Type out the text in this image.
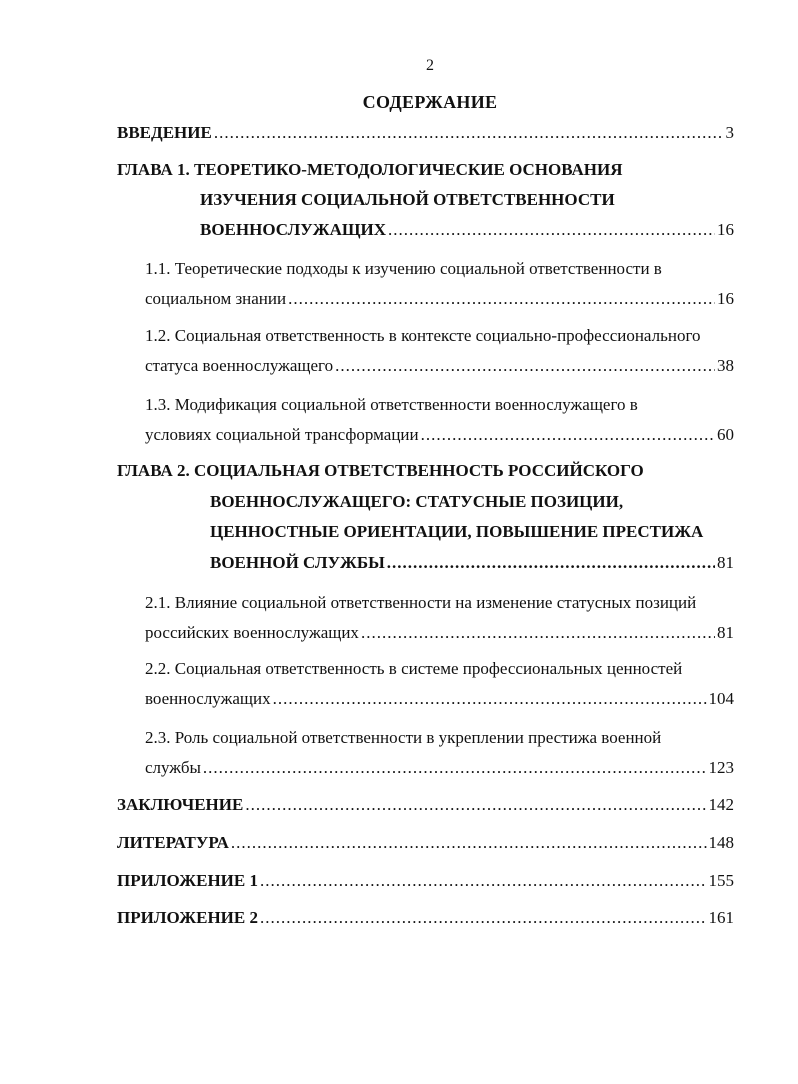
2
СОДЕРЖАНИЕ
ВВЕДЕНИЕ .....	3
ГЛАВА 1. ТЕОРЕТИКО-МЕТОДОЛОГИЧЕСКИЕ ОСНОВАНИЯ
ИЗУЧЕНИЯ СОЦИАЛЬНОЙ ОТВЕТСТВЕННОСТИ
ВОЕННОСЛУЖАЩИХ .....	16
1.1. Теоретические подходы к изучению социальной ответственности в
социальном знании .....	16
1.2. Социальная ответственность в контексте социально-профессионального
статуса военнослужащего .....	38
1.3. Модификация социальной ответственности военнослужащего в
условиях социальной трансформации .....	60
ГЛАВА 2. СОЦИАЛЬНАЯ ОТВЕТСТВЕННОСТЬ РОССИЙСКОГО
ВОЕННОСЛУЖАЩЕГО: СТАТУСНЫЕ ПОЗИЦИИ,
ЦЕННОСТНЫЕ ОРИЕНТАЦИИ, ПОВЫШЕНИЕ ПРЕСТИЖА
ВОЕННОЙ СЛУЖБЫ .....	81
2.1. Влияние социальной ответственности на изменение статусных позиций
российских военнослужащих .....	81
2.2. Социальная ответственность в системе профессиональных ценностей
военнослужащих .....	104
2.3. Роль социальной ответственности в укреплении престижа военной
службы .....	123
ЗАКЛЮЧЕНИЕ .....	142
ЛИТЕРАТУРА .....	148
ПРИЛОЖЕНИЕ 1 .....	155
ПРИЛОЖЕНИЕ 2 .....	161
